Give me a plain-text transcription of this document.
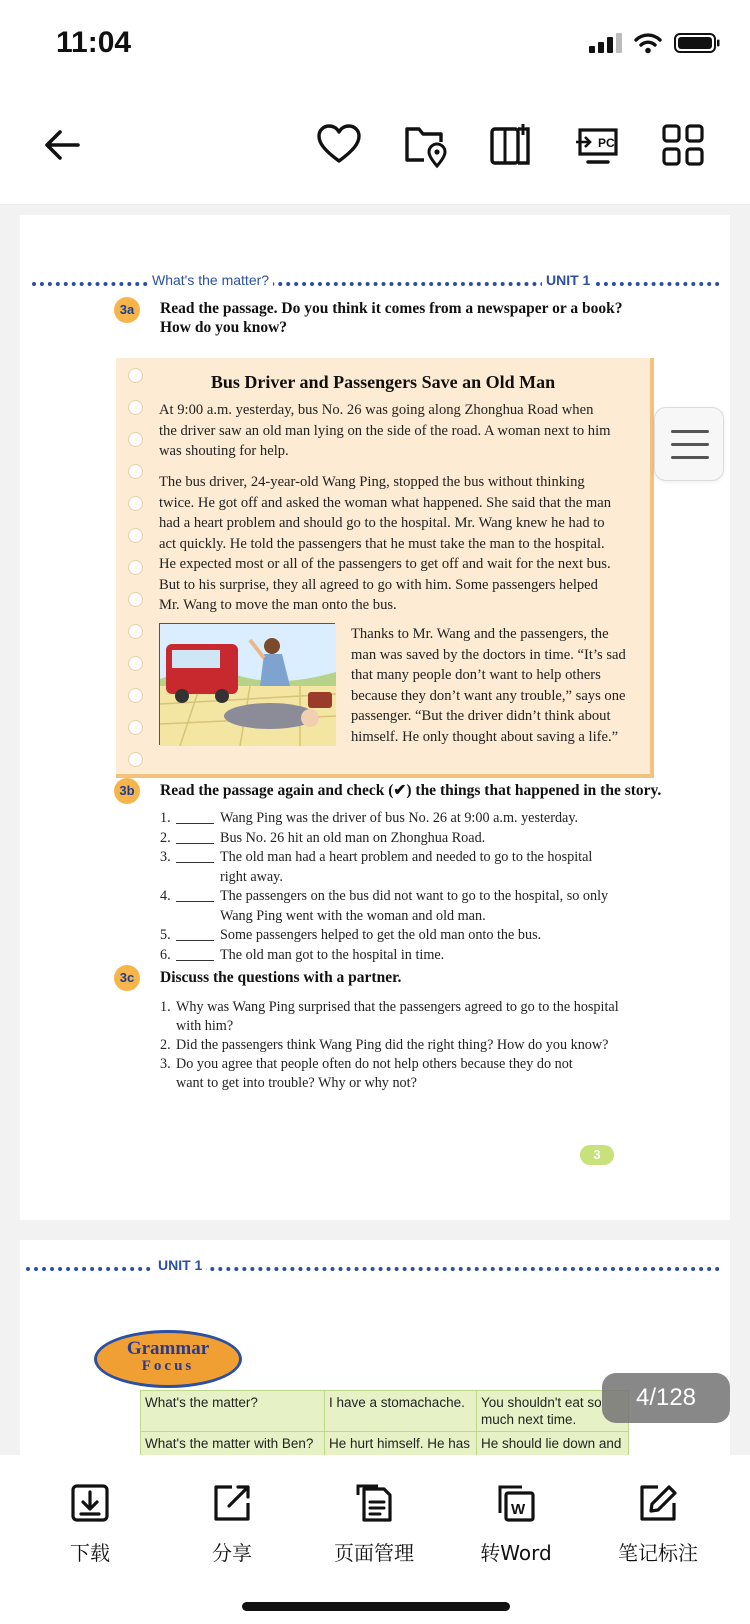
11:04
PC
What's the matter?	UNIT 1
3a	Read the passage. Do you think it comes from a newspaper or a book?
How do you know?
Bus Driver and Passengers Save an Old Man
At 9:00 a.m. yesterday, bus No. 26 was going along Zhonghua Road when
the driver saw an old man lying on the side of the road. A woman next to him
was shouting for help.
The bus driver, 24-year-old Wang Ping, stopped the bus without thinking
twice. He got off and asked the woman what happened. She said that the man
had a heart problem and should go to the hospital. Mr. Wang knew he had to
act quickly. He told the passengers that he must take the man to the hospital.
He expected most or all of the passengers to get off and wait for the next bus.
But to his surprise, they all agreed to go with him. Some passengers helped
Mr. Wang to move the man onto the bus.
Thanks to Mr. Wang and the passengers, the
man was saved by the doctors in time. “It’s sad
that many people don’t want to help others
because they don’t want any trouble,” says one
passenger. “But the driver didn’t think about
himself. He only thought about saving a life.”
3b	Read the passage again and check (✔) the things that happened in the story.
1.	Wang Ping was the driver of bus No. 26 at 9:00 a.m. yesterday.
2.	Bus No. 26 hit an old man on Zhonghua Road.
3.	The old man had a heart problem and needed to go to the hospital
right away.
4.	The passengers on the bus did not want to go to the hospital, so only
Wang Ping went with the woman and old man.
5.	Some passengers helped to get the old man onto the bus.
6.	The old man got to the hospital in time.
3c	Discuss the questions with a partner.
1. Why was Wang Ping surprised that the passengers agreed to go to the hospital
with him?
2. Did the passengers think Wang Ping did the right thing? How do you know?
3. Do you agree that people often do not help others because they do not
want to get into trouble? Why or why not?
3
UNIT 1
Grammar
Focus
What's the matter?	I have a stomachache.	You shouldn't eat so much next time.
What's the matter with Ben?	He hurt himself. He has	He should lie down and
4/128
下载	分享	页面管理
W
转Word	笔记标注
